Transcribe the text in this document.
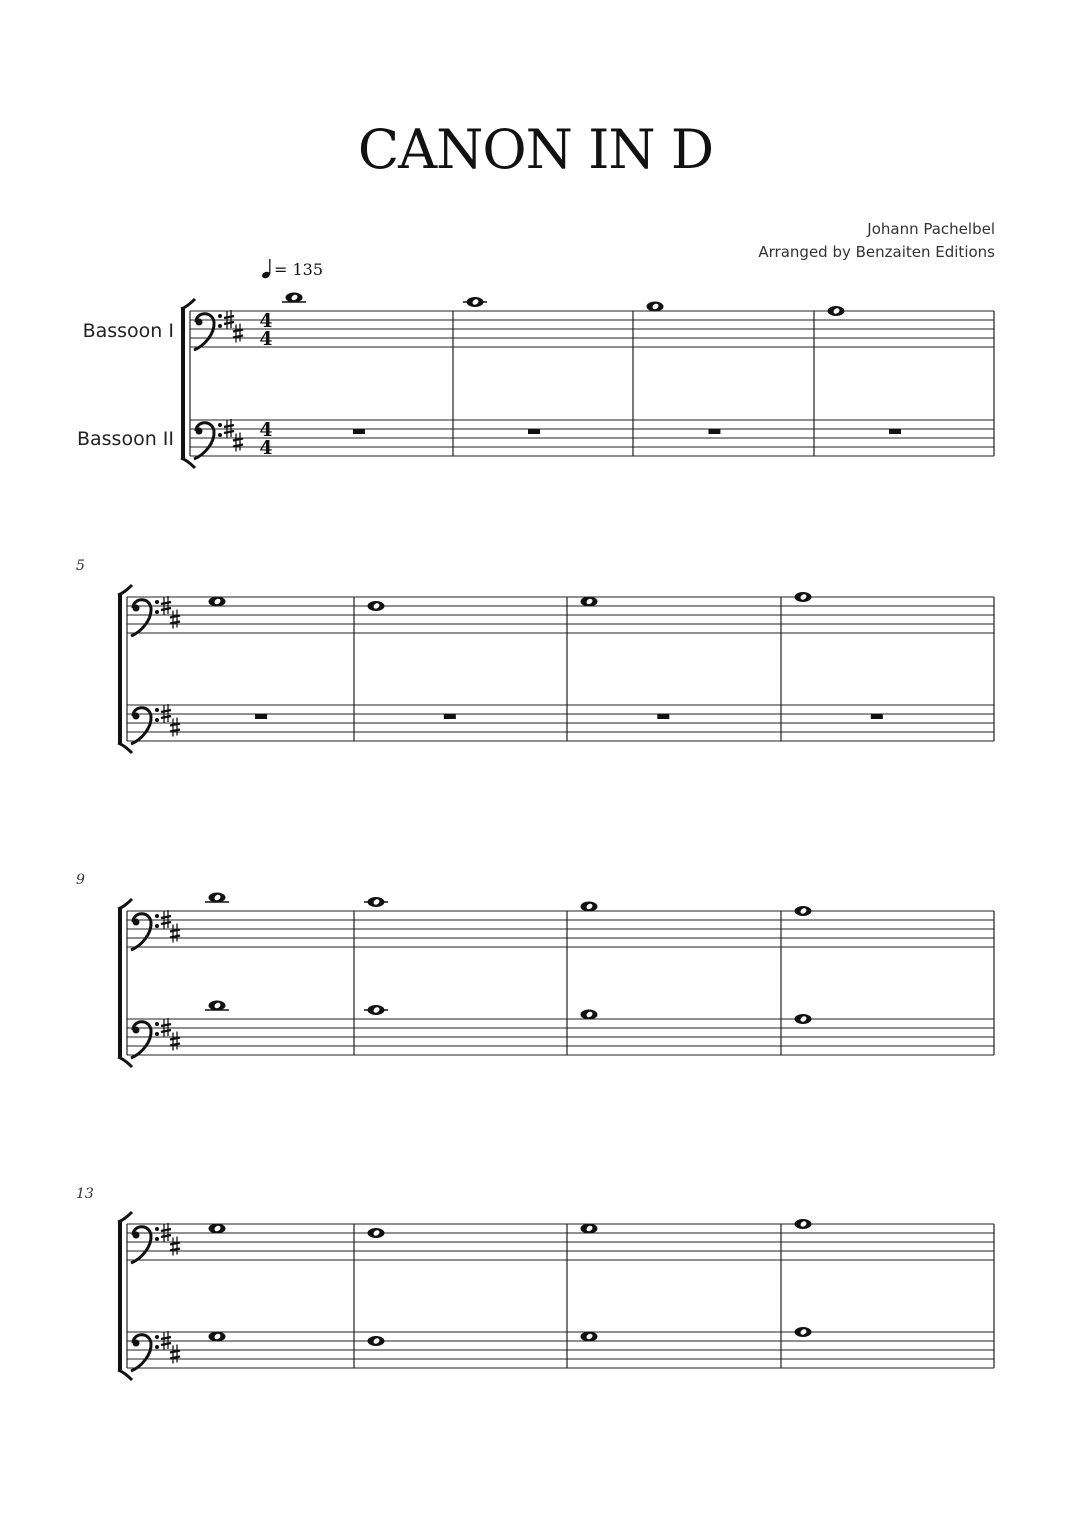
CANON IN D
Johann Pachelbel
Arranged by Benzaiten Editions
= 135
Bassoon I
Bassoon II
5
9
13
4
4
4
4
